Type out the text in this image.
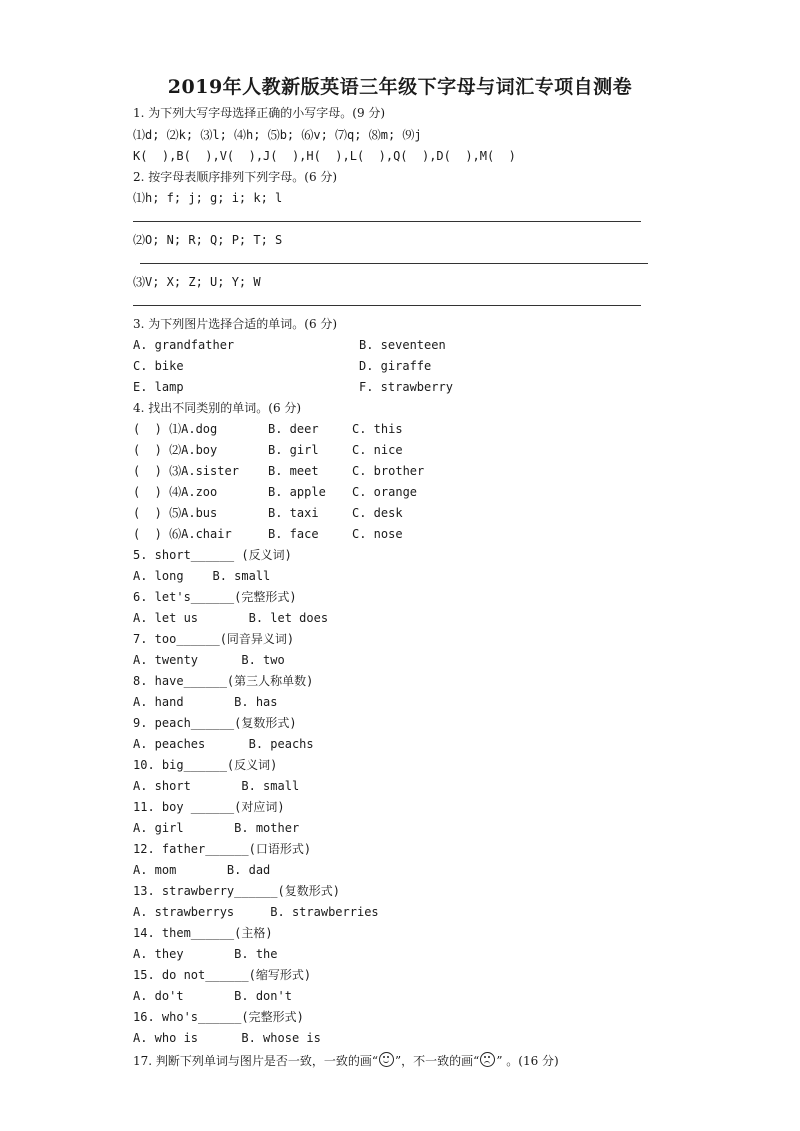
2019年人教新版英语三年级下字母与词汇专项自测卷
1. 为下列大写字母选择正确的小写字母。(9 分)
⑴d; ⑵k; ⑶l; ⑷h; ⑸b; ⑹v; ⑺q; ⑻m; ⑼j
K(  ),B(  ),V(  ),J(  ),H(  ),L(  ),Q(  ),D(  ),M(  )
2. 按字母表顺序排列下列字母。(6 分)
⑴h; f; j; g; i; k; l
⑵O; N; R; Q; P; T; S
⑶V; X; Z; U; Y; W
3. 为下列图片选择合适的单词。(6 分)
A. grandfather	B. seventeen
C. bike	D. giraffe
E. lamp	F. strawberry
4. 找出不同类别的单词。(6 分)
(  ) ⑴A.dog	B. deer	C. this
(  ) ⑵A.boy	B. girl	C. nice
(  ) ⑶A.sister B. meet	C. brother
(  ) ⑷A.zoo	B. apple C. orange
(  ) ⑸A.bus	B. taxi	C. desk
(  ) ⑹A.chair	B. face	C. nose
5. short______ (反义词)
A. long    B. small
6. let's______(完整形式)
A. let us       B. let does
7. too______(同音异义词)
A. twenty      B. two
8. have______(第三人称单数)
A. hand       B. has
9. peach______(复数形式)
A. peaches      B. peachs
10. big______(反义词)
A. short       B. small
11. boy ______(对应词)
A. girl       B. mother
12. father______(口语形式)
A. mom       B. dad
13. strawberry______(复数形式)
A. strawberrys     B. strawberries
14. them______(主格)
A. they       B. the
15. do not______(缩写形式)
A. do't       B. don't
16. who's______(完整形式)
A. who is      B. whose is
17. 判断下列单词与图片是否一致，一致的画“ ”，不一致的画“ ” 。(16 分)
